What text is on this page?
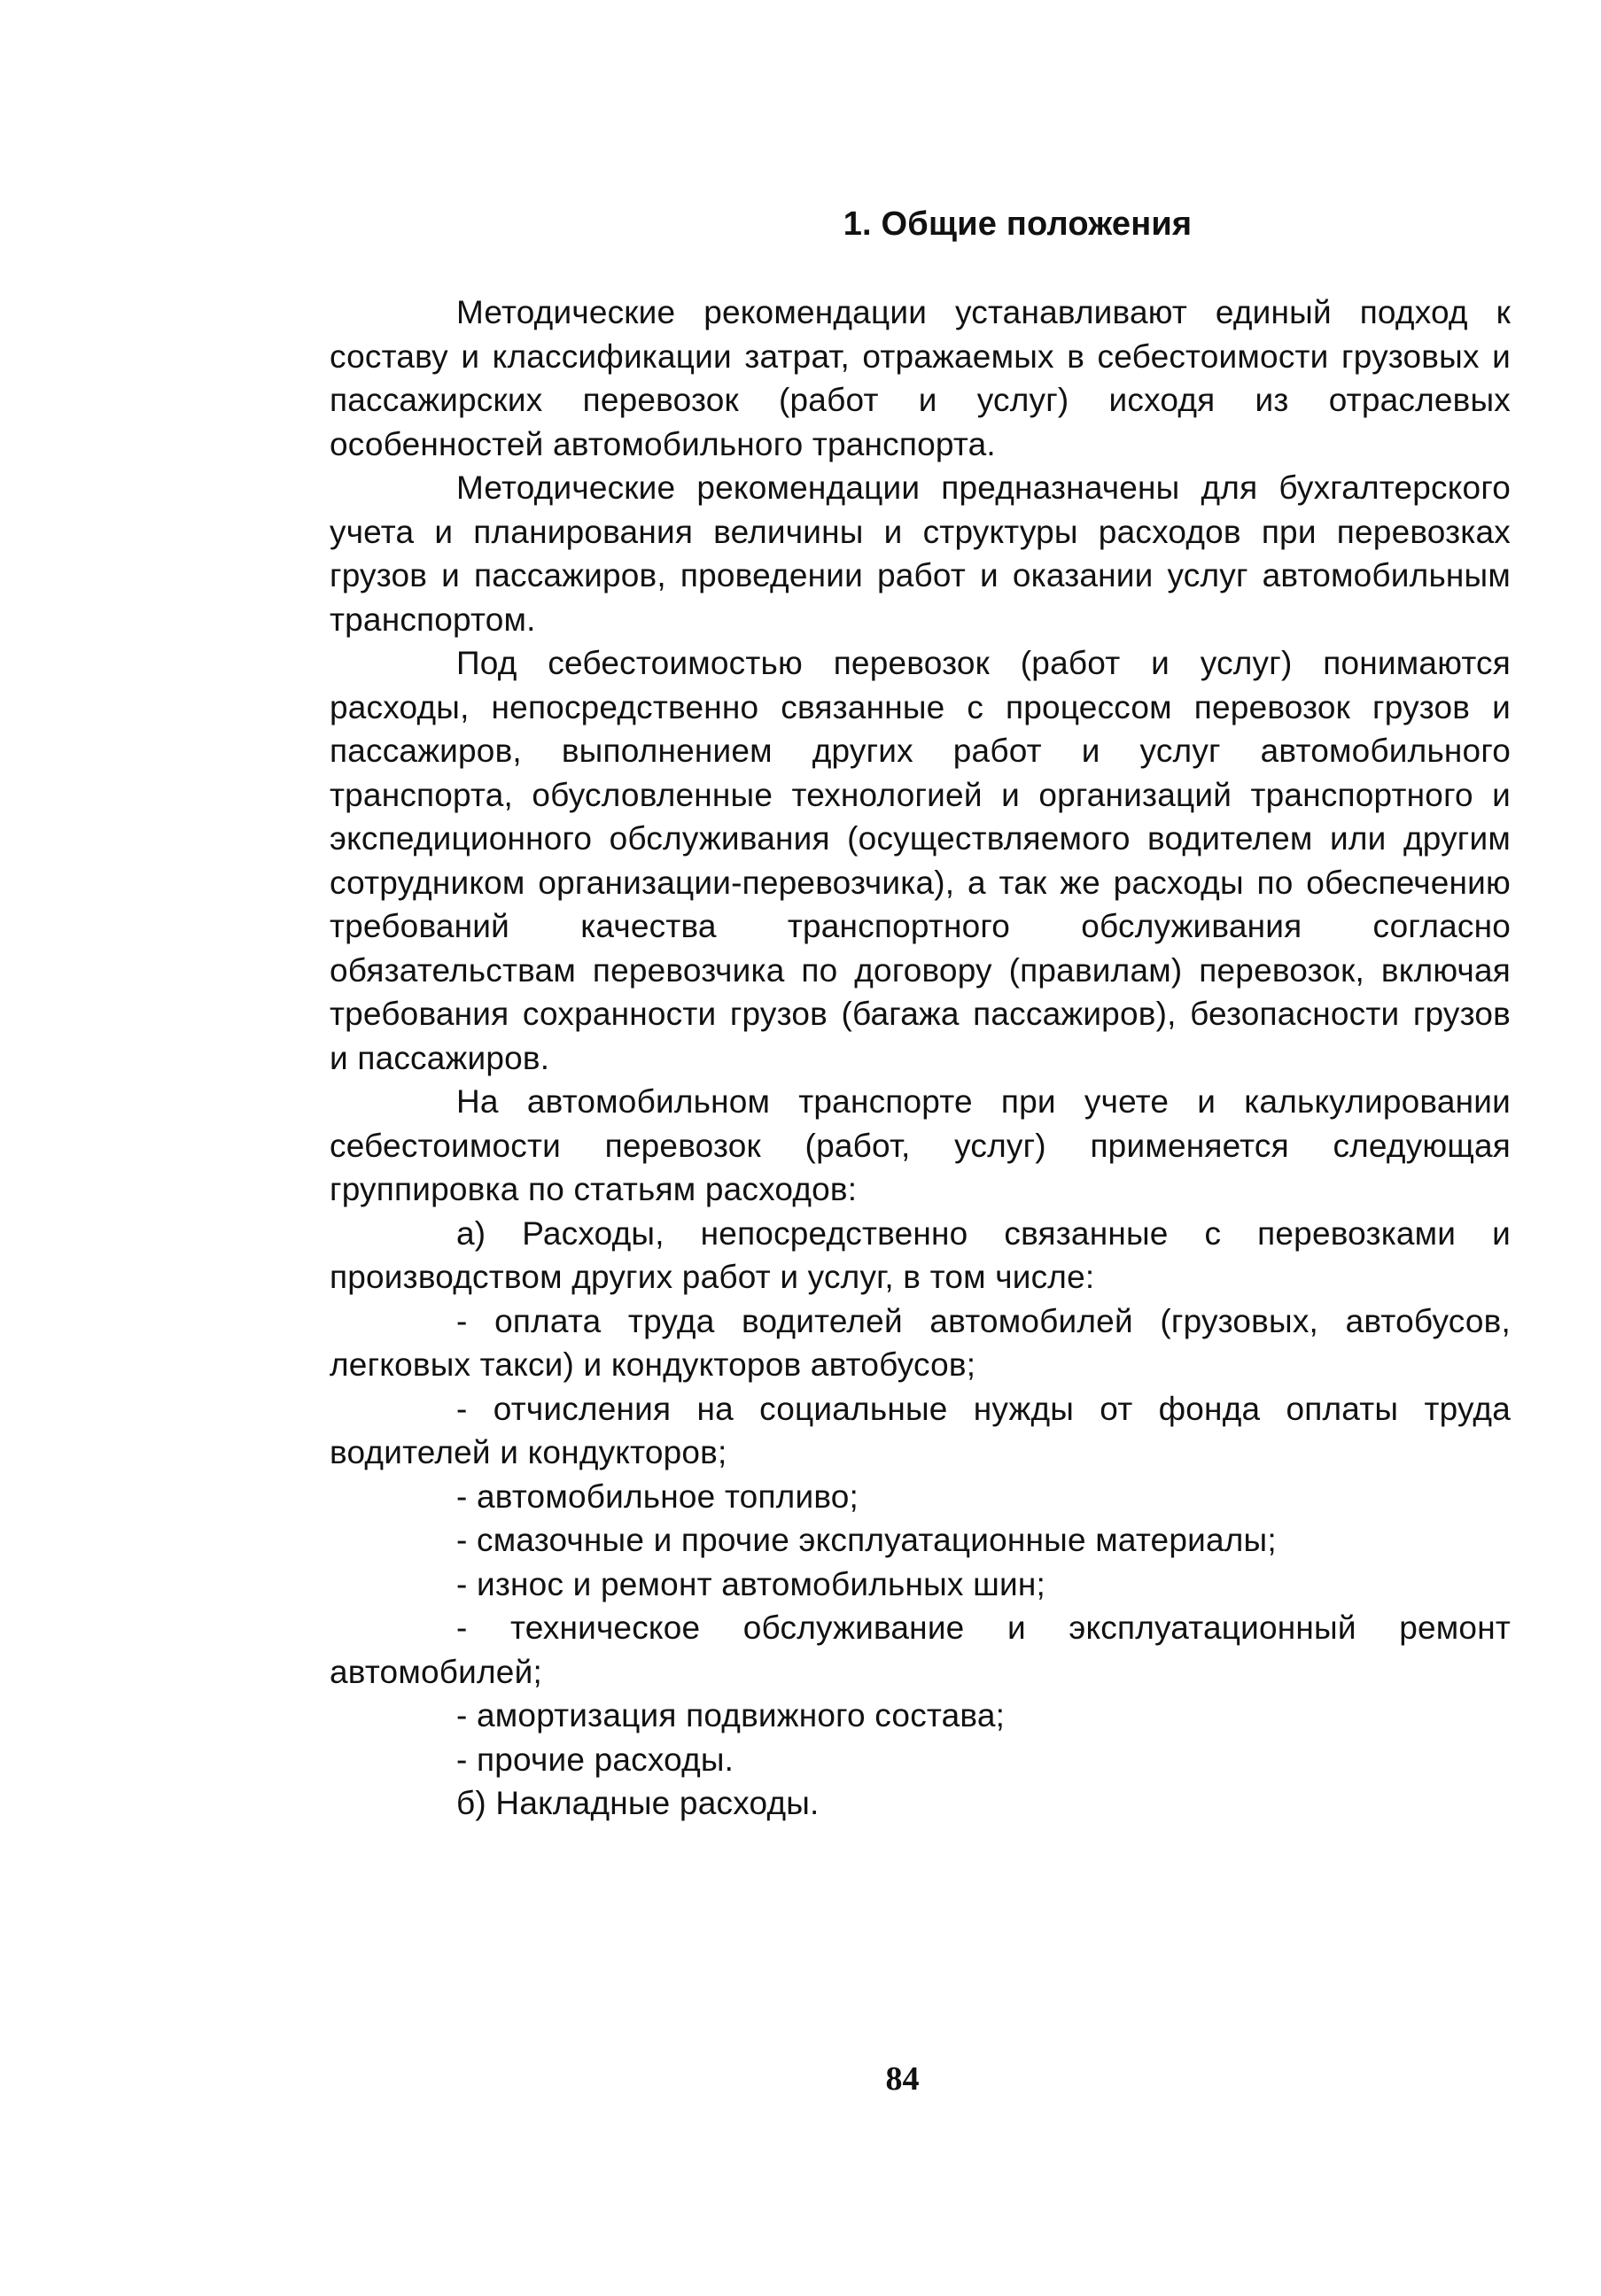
1. Общие положения

Методические рекомендации устанавливают единый подход к составу и классификации затрат, отражаемых в себестоимости грузовых и пассажирских перевозок (работ и услуг) исходя из отраслевых особенностей автомобильного транспорта.

Методические рекомендации предназначены для бухгалтерского учета и планирования величины и структуры расходов при перевозках грузов и пассажиров, проведении работ и оказании услуг автомобильным транспортом.

Под себестоимостью перевозок (работ и услуг) понимаются расходы, непосредственно связанные с процессом перевозок грузов и пассажиров, выполнением других работ и услуг автомобильного транспорта, обусловленные технологией и организаций транспортного и экспедиционного обслуживания (осуществляемого водителем или другим сотрудником организации-перевозчика), а так же расходы по обеспечению требований качества транспортного обслуживания согласно обязательствам перевозчика по договору (правилам) перевозок, включая требования сохранности грузов (багажа пассажиров), безопасности грузов и пассажиров.

На автомобильном транспорте при учете и калькулировании себестоимости перевозок (работ, услуг) применяется следующая группировка по статьям расходов:

а) Расходы, непосредственно связанные с перевозками и производством других работ и услуг, в том числе:

- оплата труда водителей автомобилей (грузовых, автобусов, легковых такси) и кондукторов автобусов;

- отчисления на социальные нужды от фонда оплаты труда водителей и кондукторов;

- автомобильное топливо;

- смазочные и прочие эксплуатационные материалы;

- износ и ремонт автомобильных шин;

- техническое обслуживание и эксплуатационный ремонт автомобилей;

- амортизация подвижного состава;

- прочие расходы.

б) Накладные расходы.

84
